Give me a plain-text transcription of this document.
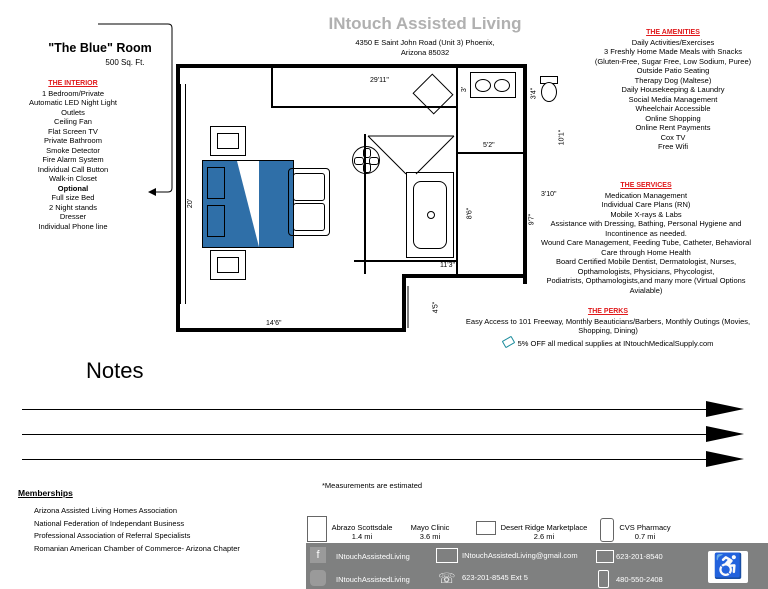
INtouch Assisted Living
4350 E Saint John Road (Unit 3) Phoenix,
Arizona 85032
"The Blue" Room
500 Sq. Ft.
THE INTERIOR
1 Bedroom/Private
Automatic LED Night Light
Outlets
Ceiling Fan
Flat Screen TV
Private Bathroom
Smoke Detector
Fire Alarm System
Individual Call Button
Walk-in Closet
Optional
Full size Bed
2 Night stands
Dresser
Individual Phone line
THE AMENITIES
Daily Activities/Exercises
3 Freshly Home Made Meals with Snacks
(Gluten-Free, Sugar Free, Low Sodium, Puree)
Outside Patio Seating
Therapy Dog (Maltese)
Daily Housekeeping & Laundry
Social Media Management
Wheelchair Accessible
Online Shopping
Online Rent Payments
Cox TV
Free Wifi
THE SERVICES
Medication Management
Individual Care Plans (RN)
Mobile X-rays & Labs
Assistance with Dressing, Bathing, Personal Hygiene and
Incontinence as needed.
Wound Care Management, Feeding Tube, Catheter, Behavioral
Care through Home Health
Board Certified Mobile Dentist, Dermatologist, Nurses,
Opthamologists, Physicians, Phycologist,
Podiatrists, Opthamologists,and many more (Virtual Options
Avialable)
THE PERKS
Easy Access to 101 Freeway, Monthly Beauticians/Barbers, Monthly Outings (Movies,
Shopping, Dining)
5% OFF all medical supplies at INtouchMedicalSupply.com
29'11"
3'	3'4"
5'2"
10'1"
3'10"
9'7"
20'
8'6"
11'3"
4'5"
14'6"
Notes
Memberships
Arizona Assisted Living Homes Association
National Federation of Independant Business
Professional Association of Referral Specialists
Romanian American Chamber of Commerce- Arizona Chapter
*Measurements are estimated
Abrazo Scottsdale
1.4 mi
Mayo Clinic
3.6 mi
Desert Ridge Marketplace
2.6 mi
CVS Pharmacy
0.7 mi
f	INtouchAssistedLiving
INtouchAssistedLiving
INtouchAssistedLiving@gmail.com
☏ 623-201-8545 Ext 5
623-201-8540
480-550-2408 ♿
